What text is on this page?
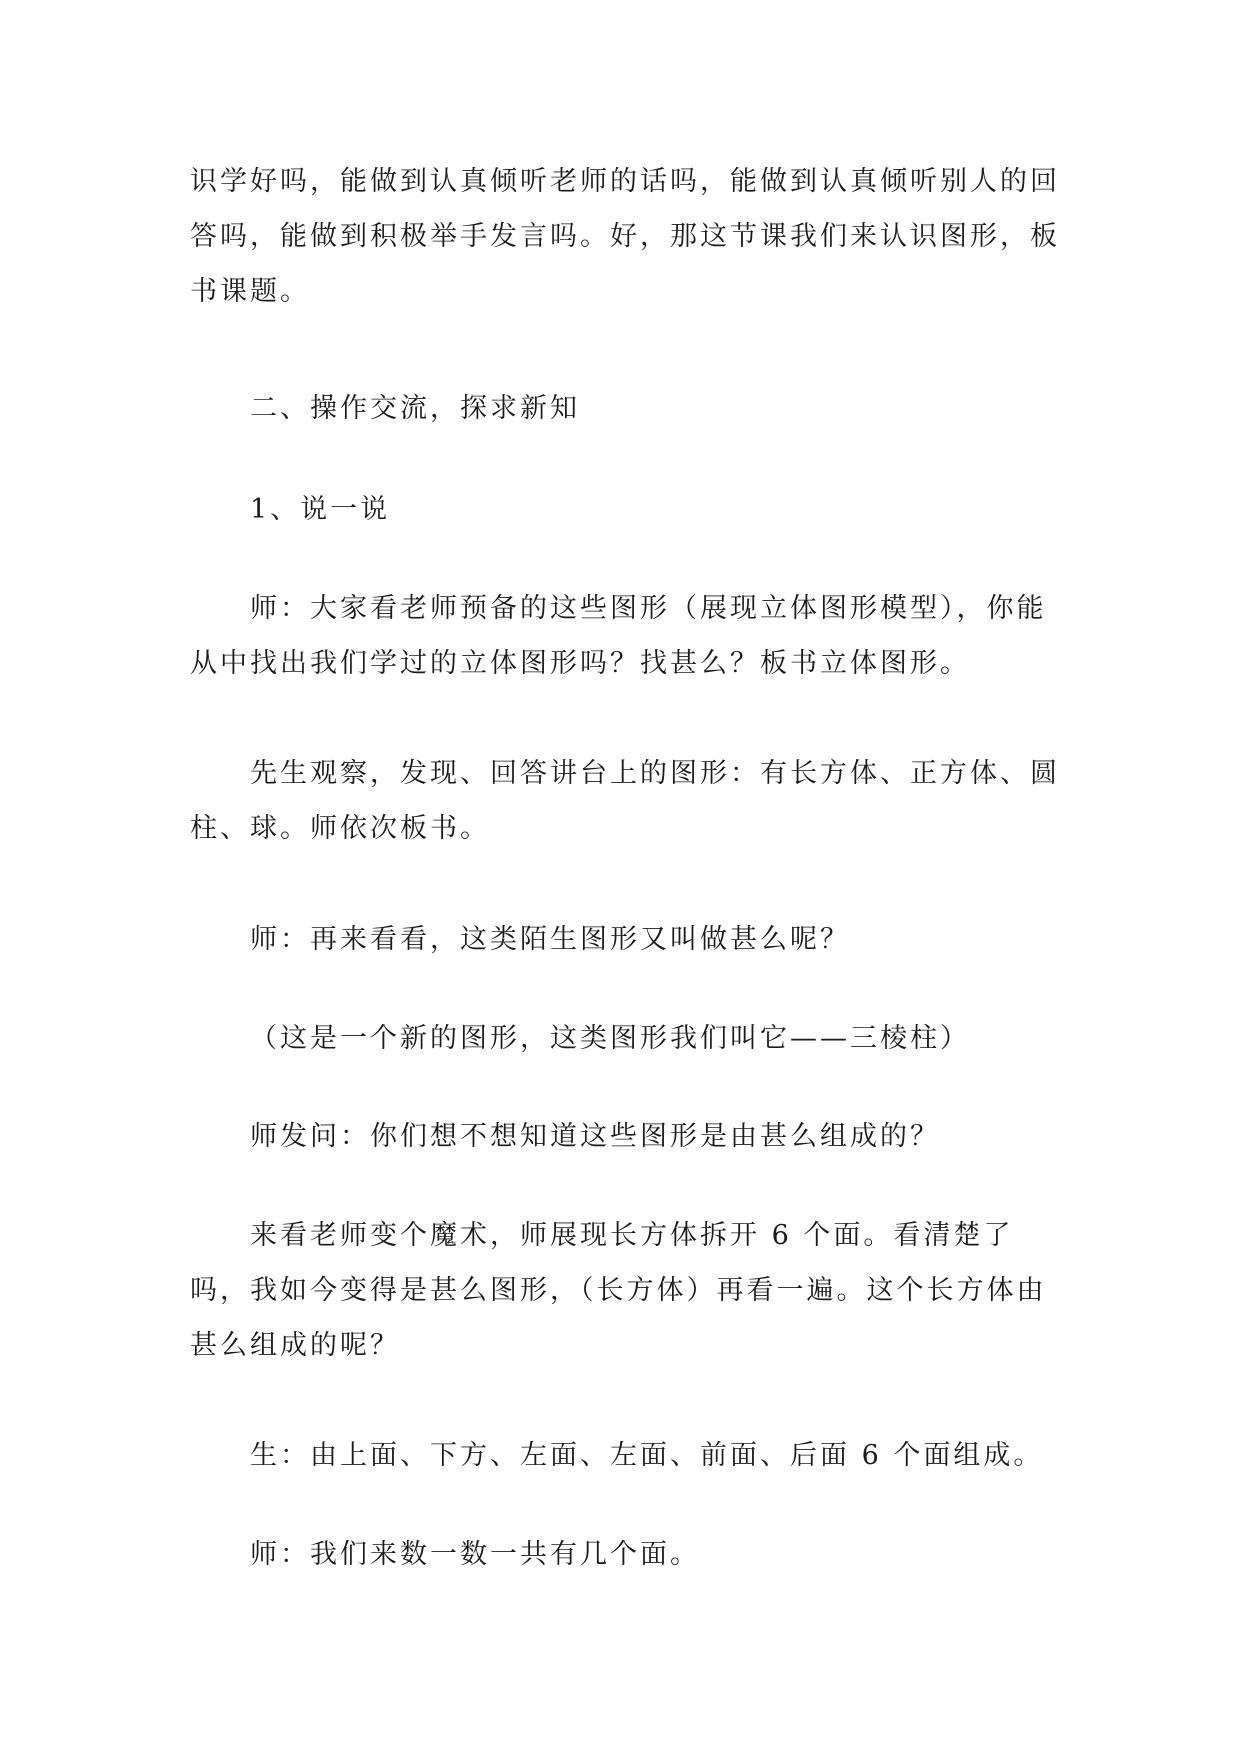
识学好吗，能做到认真倾听老师的话吗，能做到认真倾听别人的回答吗，能做到积极举手发言吗。好，那这节课我们来认识图形，板书课题。

二、操作交流，探求新知

1、说一说

师：大家看老师预备的这些图形（展现立体图形模型），你能从中找出我们学过的立体图形吗？找甚么？板书立体图形。

先生观察，发现、回答讲台上的图形：有长方体、正方体、圆柱、球。师依次板书。

师：再来看看，这类陌生图形又叫做甚么呢？

（这是一个新的图形，这类图形我们叫它——三棱柱）

师发问：你们想不想知道这些图形是由甚么组成的？

来看老师变个魔术，师展现长方体拆开 6 个面。看清楚了吗，我如今变得是甚么图形，（长方体）再看一遍。这个长方体由甚么组成的呢？

生：由上面、下方、左面、左面、前面、后面 6 个面组成。

师：我们来数一数一共有几个面。
